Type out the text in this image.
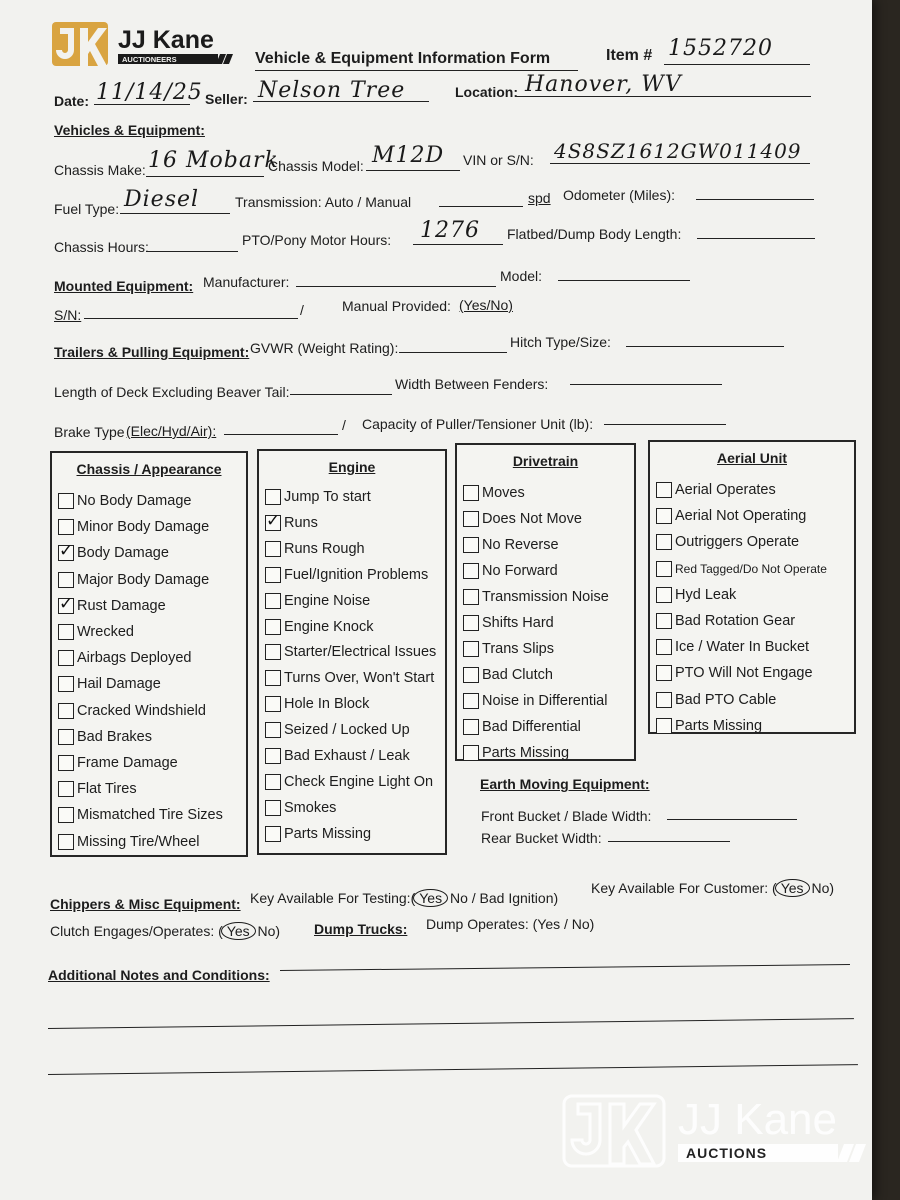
JJ Kane
AUCTIONEERS	Vehicle & Equipment Information Form	Item # 1552720
Date: 11/14/25 Seller: Nelson Tree	Location: Hanover, WV
Vehicles & Equipment:
Chassis Make: 16 Mobark
Chassis Model: M12D VIN or S/N: 4S8SZ1612GW011409
Fuel Type: Diesel	Transmission: Auto / Manual	spd Odometer (Miles):
Chassis Hours:	PTO/Pony Motor Hours: 1276 Flatbed/Dump Body Length:
Mounted Equipment: Manufacturer:	Model:
S/N:	/	Manual Provided: (Yes/No)
Trailers & Pulling Equipment: GVWR (Weight Rating):	Hitch Type/Size:
Length of Deck Excluding Beaver Tail:	Width Between Fenders:
Brake Type (Elec/Hyd/Air):	/ Capacity of Puller/Tensioner Unit (lb):
Chassis / Appearance
No Body Damage
Minor Body Damage
✓
Body Damage
Major Body Damage
✓
Rust Damage
Wrecked
Airbags Deployed
Hail Damage
Cracked Windshield
Bad Brakes
Frame Damage
Flat Tires
Mismatched Tire Sizes
Missing Tire/Wheel
Engine
Jump To start
✓
Runs
Runs Rough
Fuel/Ignition Problems
Engine Noise
Engine Knock
Starter/Electrical Issues
Turns Over, Won't Start
Hole In Block
Seized / Locked Up
Bad Exhaust / Leak
Check Engine Light On
Smokes
Parts Missing
Drivetrain
Moves
Does Not Move
No Reverse
No Forward
Transmission Noise
Shifts Hard
Trans Slips
Bad Clutch
Noise in Differential
Bad Differential
Parts Missing
Aerial Unit
Aerial Operates
Aerial Not Operating
Outriggers Operate
Red Tagged/Do Not Operate
Hyd Leak
Bad Rotation Gear
Ice / Water In Bucket
PTO Will Not Engage
Bad PTO Cable
Parts Missing
Earth Moving Equipment:
Front Bucket / Blade Width:
Rear Bucket Width:
Chippers & Misc Equipment: Key Available For Testing:( Yes No / Bad Ignition)
Key Available For Customer: ( Yes No)
Clutch Engages/Operates: ( Yes No) Dump Trucks: Dump Operates: (Yes / No)
Additional Notes and Conditions:
JJ Kane
AUCTIONS
